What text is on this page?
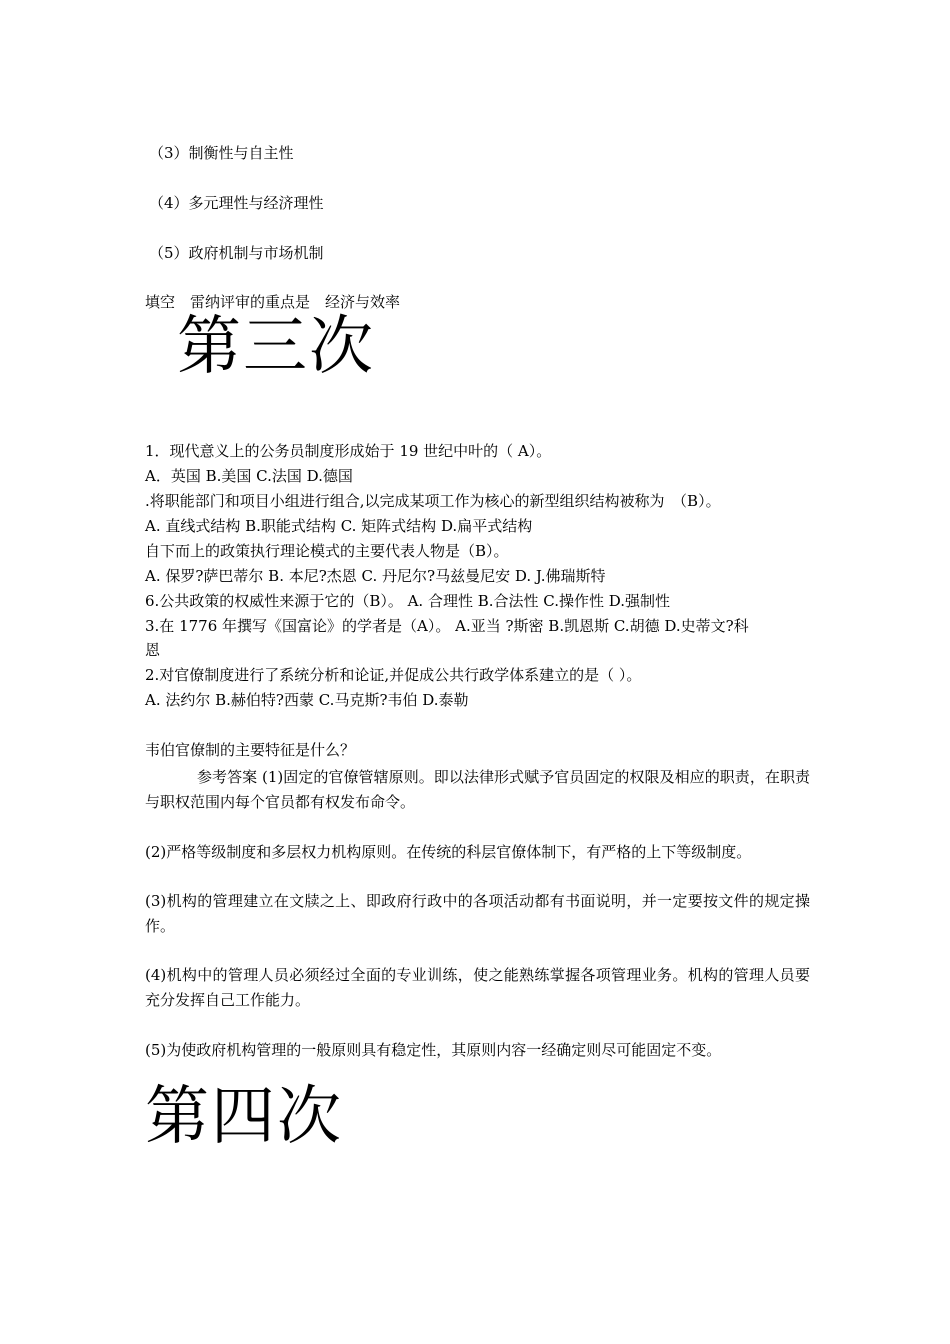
（3）制衡性与自主性
（4）多元理性与经济理性
（5）政府机制与市场机制
填空　雷纳评审的重点是　经济与效率
第三次
1．现代意义上的公务员制度形成始于 19 世纪中叶的（ A）。
A．英国 B.美国 C.法国 D.德国
.将职能部门和项目小组进行组合,以完成某项工作为核心的新型组织结构被称为　（B）。
A. 直线式结构 B.职能式结构 C. 矩阵式结构 D.扁平式结构
自下而上的政策执行理论模式的主要代表人物是（B）。
A. 保罗?萨巴蒂尔 B. 本尼?杰恩 C. 丹尼尔?马兹曼尼安 D. J.佛瑞斯特
6.公共政策的权威性来源于它的（B）。 A. 合理性 B.合法性 C.操作性 D.强制性
3.在 1776 年撰写《国富论》的学者是（A）。 A.亚当 ?斯密 B.凯恩斯 C.胡德 D.史蒂文?科
恩
2.对官僚制度进行了系统分析和论证,并促成公共行政学体系建立的是（ ）。
A. 法约尔 B.赫伯特?西蒙 C.马克斯?韦伯 D.泰勒
韦伯官僚制的主要特征是什么？
参考答案 (1)固定的官僚管辖原则。即以法律形式赋予官员固定的权限及相应的职责，在职责与职权范围内每个官员都有权发布命令。
(2)严格等级制度和多层权力机构原则。在传统的科层官僚体制下，有严格的上下等级制度。
(3)机构的管理建立在文牍之上、即政府行政中的各项活动都有书面说明，并一定要按文件的规定操作。
(4)机构中的管理人员必须经过全面的专业训练，使之能熟练掌握各项管理业务。机构的管理人员要充分发挥自己工作能力。
(5)为使政府机构管理的一般原则具有稳定性，其原则内容一经确定则尽可能固定不变。
第四次
